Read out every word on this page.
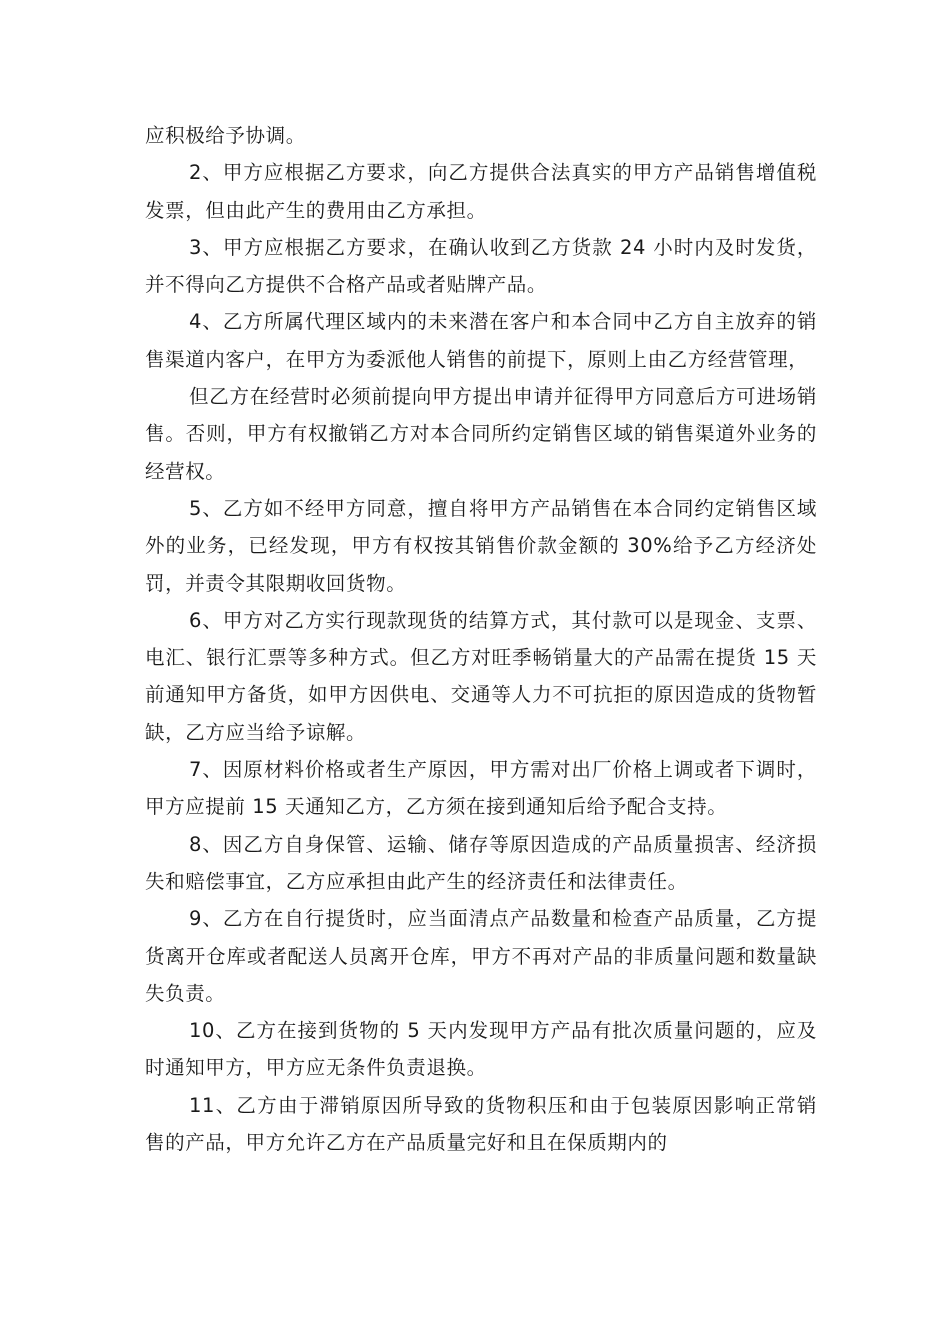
应积极给予协调。

2、甲方应根据乙方要求，向乙方提供合法真实的甲方产品销售增值税发票，但由此产生的费用由乙方承担。

3、甲方应根据乙方要求，在确认收到乙方货款 24 小时内及时发货，并不得向乙方提供不合格产品或者贴牌产品。

4、乙方所属代理区域内的未来潜在客户和本合同中乙方自主放弃的销售渠道内客户，在甲方为委派他人销售的前提下，原则上由乙方经营管理，

但乙方在经营时必须前提向甲方提出申请并征得甲方同意后方可进场销售。否则，甲方有权撤销乙方对本合同所约定销售区域的销售渠道外业务的经营权。

5、乙方如不经甲方同意，擅自将甲方产品销售在本合同约定销售区域外的业务，已经发现，甲方有权按其销售价款金额的 30%给予乙方经济处罚，并责令其限期收回货物。

6、甲方对乙方实行现款现货的结算方式，其付款可以是现金、支票、电汇、银行汇票等多种方式。但乙方对旺季畅销量大的产品需在提货 15 天前通知甲方备货，如甲方因供电、交通等人力不可抗拒的原因造成的货物暂缺，乙方应当给予谅解。

7、因原材料价格或者生产原因，甲方需对出厂价格上调或者下调时，甲方应提前 15 天通知乙方，乙方须在接到通知后给予配合支持。

8、因乙方自身保管、运输、储存等原因造成的产品质量损害、经济损失和赔偿事宜，乙方应承担由此产生的经济责任和法律责任。

9、乙方在自行提货时，应当面清点产品数量和检查产品质量，乙方提货离开仓库或者配送人员离开仓库，甲方不再对产品的非质量问题和数量缺失负责。

10、乙方在接到货物的 5 天内发现甲方产品有批次质量问题的，应及时通知甲方，甲方应无条件负责退换。

11、乙方由于滞销原因所导致的货物积压和由于包装原因影响正常销售的产品，甲方允许乙方在产品质量完好和且在保质期内的
